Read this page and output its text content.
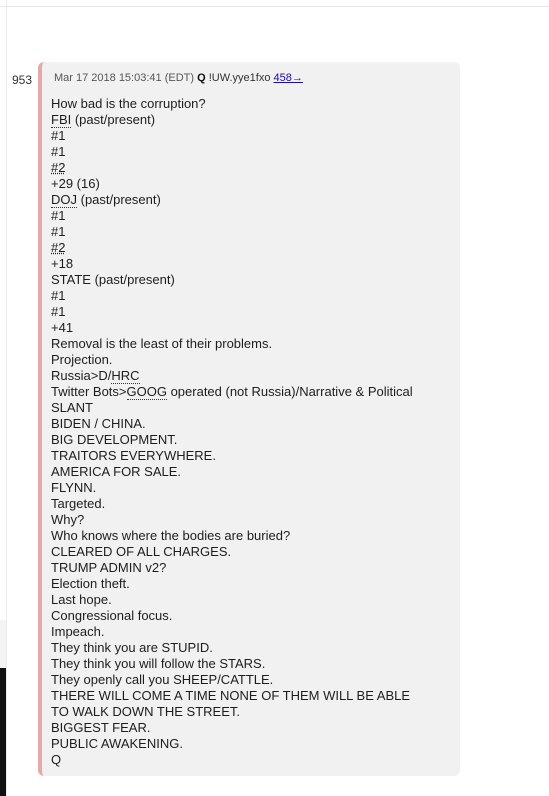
953 Mar 17 2018 15:03:41 (EDT) Q !UW.yye1fxo 458→
How bad is the corruption?
FBI (past/present)
#1
#1
#2
+29 (16)
DOJ (past/present)
#1
#1
#2
+18
STATE (past/present)
#1
#1
+41
Removal is the least of their problems.
Projection.
Russia>D/HRC
Twitter Bots>GOOG operated (not Russia)/Narrative & Political
SLANT
BIDEN / CHINA.
BIG DEVELOPMENT.
TRAITORS EVERYWHERE.
AMERICA FOR SALE.
FLYNN.
Targeted.
Why?
Who knows where the bodies are buried?
CLEARED OF ALL CHARGES.
TRUMP ADMIN v2?
Election theft.
Last hope.
Congressional focus.
Impeach.
They think you are STUPID.
They think you will follow the STARS.
They openly call you SHEEP/CATTLE.
THERE WILL COME A TIME NONE OF THEM WILL BE ABLE
TO WALK DOWN THE STREET.
BIGGEST FEAR.
PUBLIC AWAKENING.
Q
